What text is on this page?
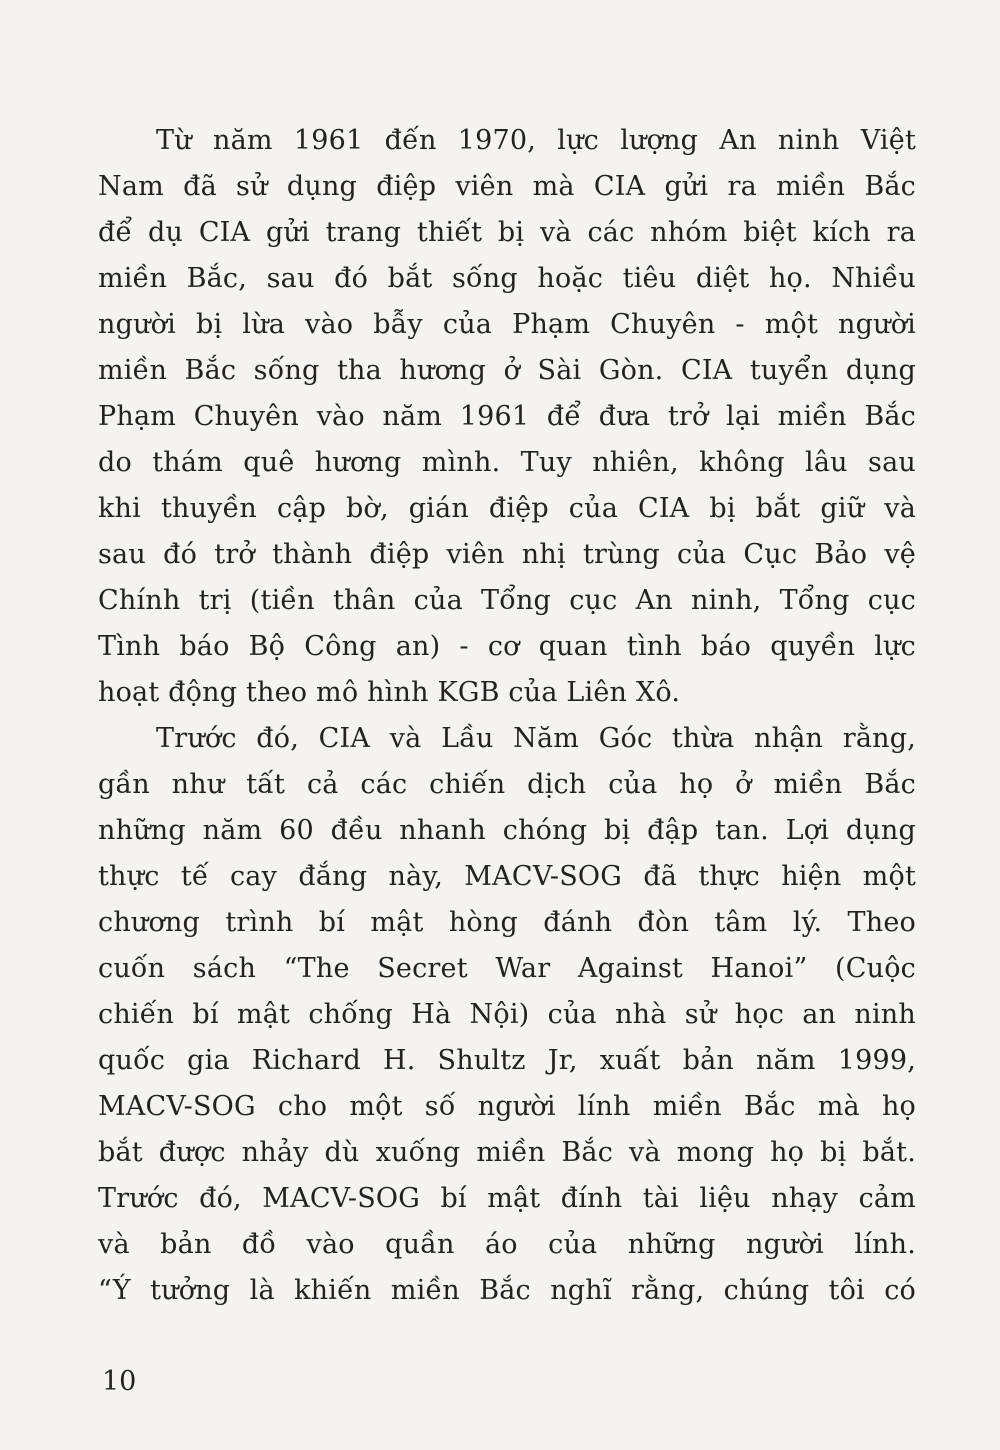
Từ năm 1961 đến 1970, lực lượng An ninh Việt
Nam đã sử dụng điệp viên mà CIA gửi ra miền Bắc
để dụ CIA gửi trang thiết bị và các nhóm biệt kích ra
miền Bắc, sau đó bắt sống hoặc tiêu diệt họ. Nhiều
người bị lừa vào bẫy của Phạm Chuyên - một người
miền Bắc sống tha hương ở Sài Gòn. CIA tuyển dụng
Phạm Chuyên vào năm 1961 để đưa trở lại miền Bắc
do thám quê hương mình. Tuy nhiên, không lâu sau
khi thuyền cập bờ, gián điệp của CIA bị bắt giữ và
sau đó trở thành điệp viên nhị trùng của Cục Bảo vệ
Chính trị (tiền thân của Tổng cục An ninh, Tổng cục
Tình báo Bộ Công an) - cơ quan tình báo quyền lực
hoạt động theo mô hình KGB của Liên Xô.

Trước đó, CIA và Lầu Năm Góc thừa nhận rằng,
gần như tất cả các chiến dịch của họ ở miền Bắc
những năm 60 đều nhanh chóng bị đập tan. Lợi dụng
thực tế cay đắng này, MACV-SOG đã thực hiện một
chương trình bí mật hòng đánh đòn tâm lý. Theo
cuốn sách “The Secret War Against Hanoi” (Cuộc
chiến bí mật chống Hà Nội) của nhà sử học an ninh
quốc gia Richard H. Shultz Jr, xuất bản năm 1999,
MACV-SOG cho một số người lính miền Bắc mà họ
bắt được nhảy dù xuống miền Bắc và mong họ bị bắt.
Trước đó, MACV-SOG bí mật đính tài liệu nhạy cảm
và bản đồ vào quần áo của những người lính.
“Ý tưởng là khiến miền Bắc nghĩ rằng, chúng tôi có

10
